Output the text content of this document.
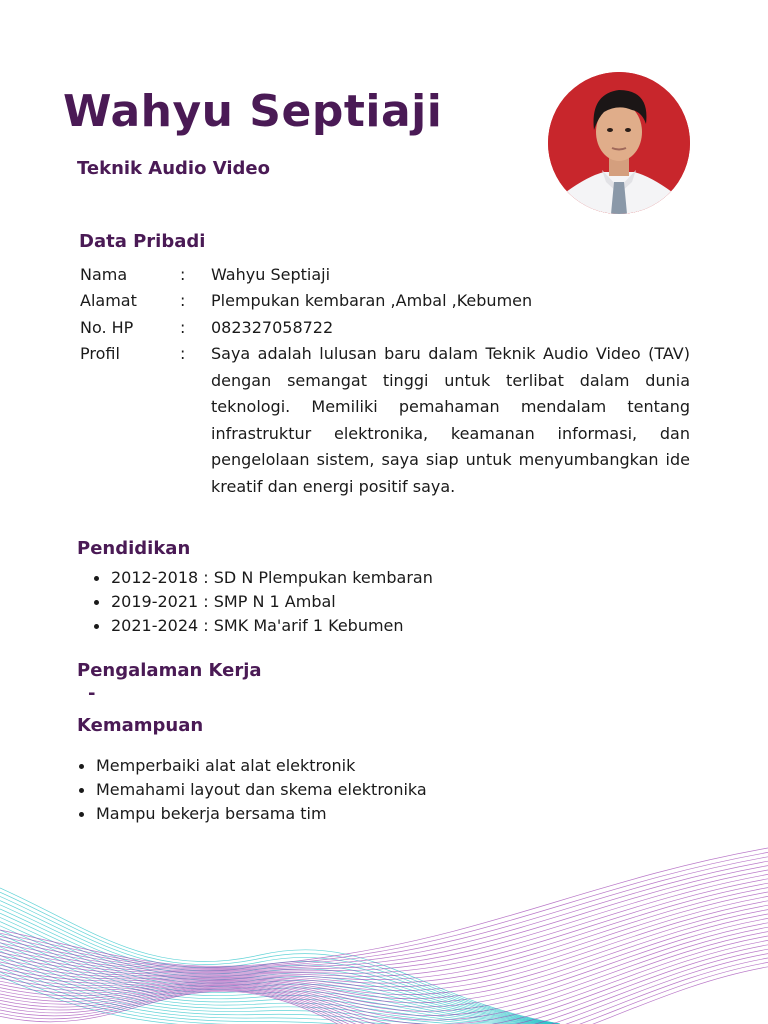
Wahyu Septiaji
Teknik Audio Video
Data Pribadi
Nama	: Wahyu Septiaji
Alamat	: Plempukan kembaran ,Ambal ,Kebumen
No. HP	: 082327058722
Profil	: Saya adalah lulusan baru dalam Teknik Audio Video (TAV) dengan semangat tinggi untuk terlibat dalam dunia teknologi. Memiliki pemahaman mendalam tentang infrastruktur elektronika, keamanan informasi, dan pengelolaan sistem, saya siap untuk menyumbangkan ide kreatif dan energi positif saya.
Pendidikan
2012-2018 : SD N Plempukan kembaran
2019-2021 : SMP N 1 Ambal
2021-2024 : SMK Ma'arif 1 Kebumen
Pengalaman Kerja
-
Kemampuan
Memperbaiki alat alat elektronik
Memahami layout dan skema elektronika
Mampu bekerja bersama tim
